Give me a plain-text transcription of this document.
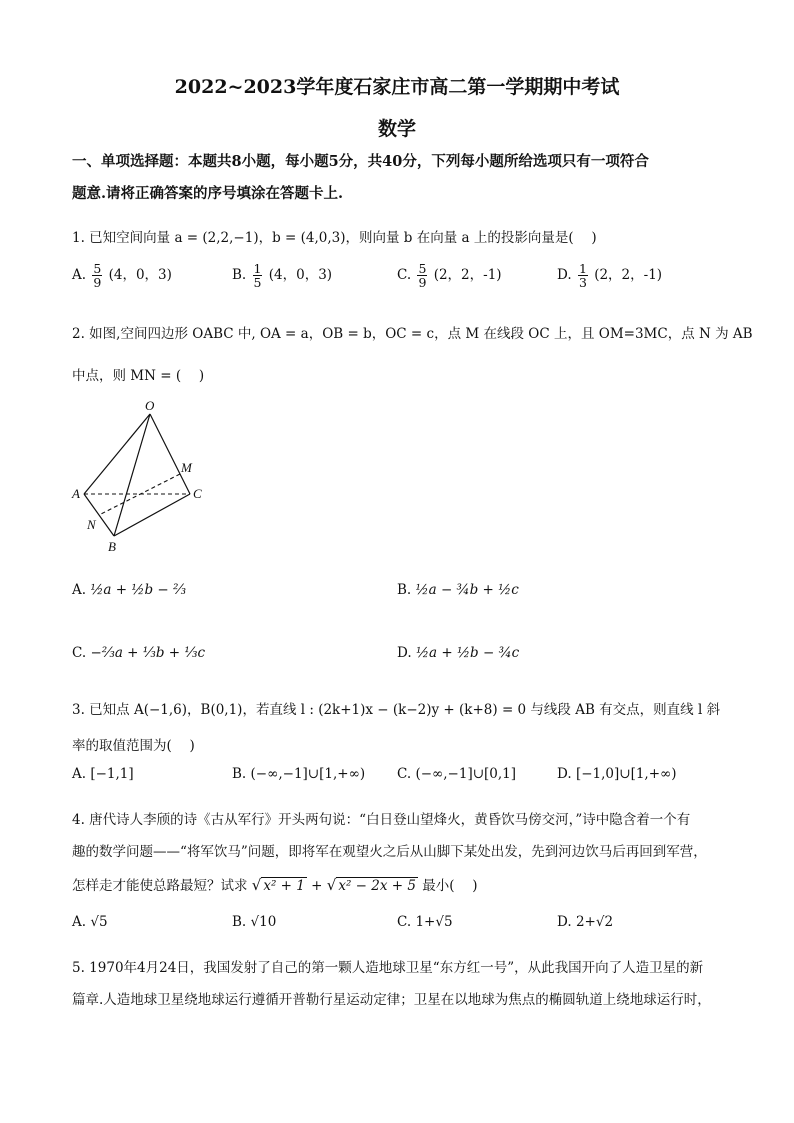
2022~2023学年度石家庄市高二第一学期期中考试
数学
一、单项选择题：本题共8小题，每小题5分，共40分，下列每小题所给选项只有一项符合
题意.请将正确答案的序号填涂在答题卡上.
1. 已知空间向量 a = (2,2,−1)，b = (4,0,3)，则向量 b 在向量 a 上的投影向量是(　 )
A. $\frac{5}{9} (4$，0，3)	B. $\frac{1}{5} (4$，0，3)	C. $\frac{5}{9} (2$，2，-1)	D. $\frac{1}{3} (2$，2，-1)
2. 如图,空间四边形 OABC 中, OA = a，OB = b，OC = c，点 M 在线段 OC 上，且 OM=3MC，点 N 为 AB
中点，则 MN = (　 )
O
A
B
C
M
N
A. ½a + ½b − ⅔	B. ½a − ¾b + ½c
C. −⅔a + ⅓b + ⅓c	D. ½a + ½b − ¾c
3. 已知点 A(−1,6)，B(0,1)，若直线 l : (2k+1)x − (k−2)y + (k+8) = 0 与线段 AB 有交点，则直线 l 斜
率的取值范围为(　 )
A. [−1,1]	B. (−∞,−1]∪[1,+∞) C. (−∞,−1]∪[0,1]	D. [−1,0]∪[1,+∞)
4. 唐代诗人李颀的诗《古从军行》开头两句说：“白日登山望烽火，黄昏饮马傍交河，”诗中隐含着一个有
趣的数学问题——“将军饮马”问题，即将军在观望火之后从山脚下某处出发，先到河边饮马后再回到军营，
怎样走才能使总路最短？试求 √ x² + 1 + √ x² − 2x + 5 最小(　 )
A. √5	B. √10	C. 1+√5	D. 2+√2
5. 1970年4月24日，我国发射了自己的第一颗人造地球卫星“东方红一号”，从此我国开向了人造卫星的新
篇章.人造地球卫星绕地球运行遵循开普勒行星运动定律；卫星在以地球为焦点的椭圆轨道上绕地球运行时，
